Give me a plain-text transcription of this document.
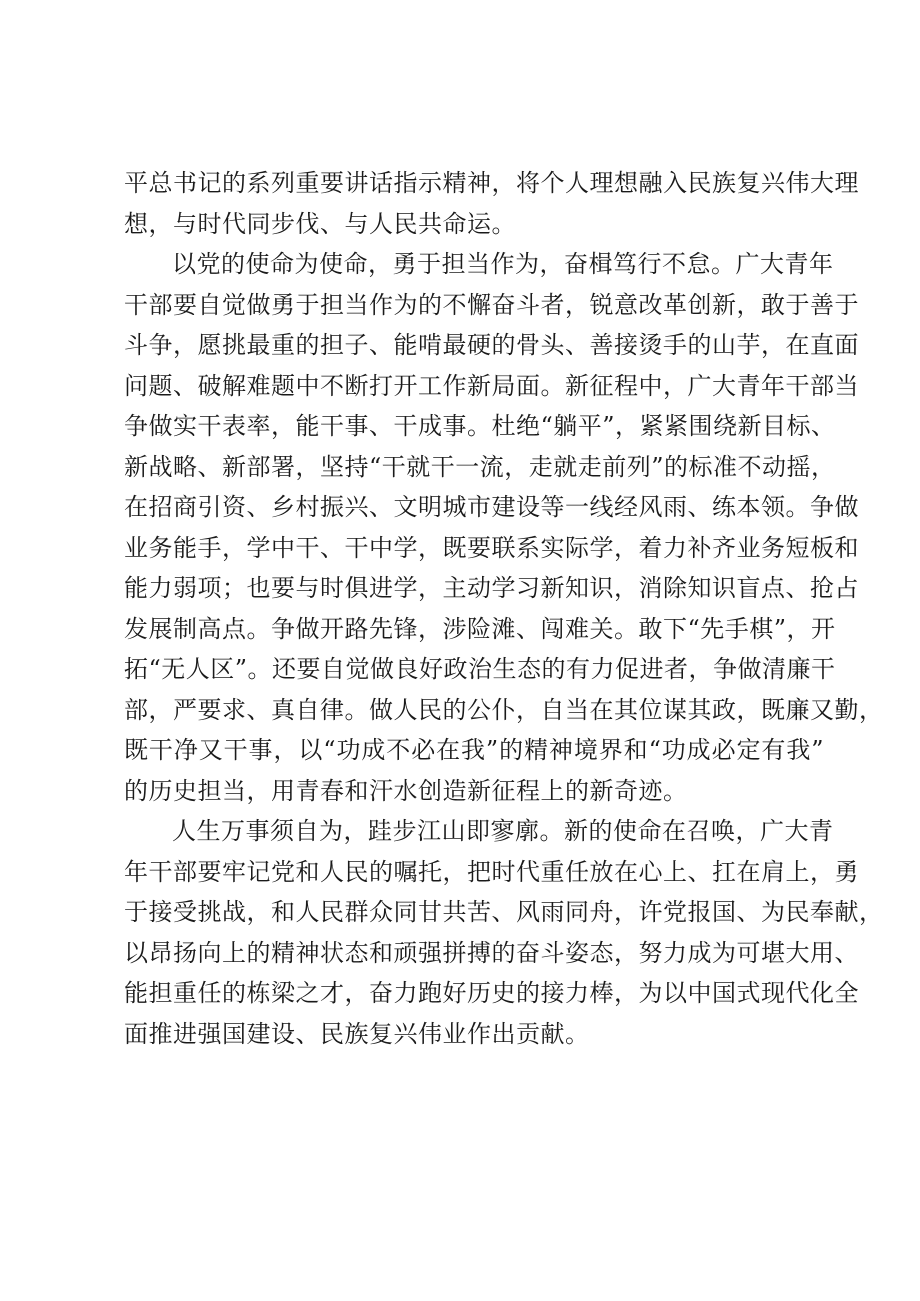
平总书记的系列重要讲话指示精神，将个人理想融入民族复兴伟大理
想，与时代同步伐、与人民共命运。
以党的使命为使命，勇于担当作为，奋楫笃行不怠。广大青年
干部要自觉做勇于担当作为的不懈奋斗者，锐意改革创新，敢于善于
斗争，愿挑最重的担子、能啃最硬的骨头、善接烫手的山芋，在直面
问题、破解难题中不断打开工作新局面。新征程中，广大青年干部当
争做实干表率，能干事、干成事。杜绝“躺平”，紧紧围绕新目标、
新战略、新部署，坚持“干就干一流，走就走前列”的标准不动摇，
在招商引资、乡村振兴、文明城市建设等一线经风雨、练本领。争做
业务能手，学中干、干中学，既要联系实际学，着力补齐业务短板和
能力弱项；也要与时俱进学，主动学习新知识，消除知识盲点、抢占
发展制高点。争做开路先锋，涉险滩、闯难关。敢下“先手棋”，开
拓“无人区”。还要自觉做良好政治生态的有力促进者，争做清廉干
部，严要求、真自律。做人民的公仆，自当在其位谋其政，既廉又勤，
既干净又干事，以“功成不必在我”的精神境界和“功成必定有我”
的历史担当，用青春和汗水创造新征程上的新奇迹。
人生万事须自为，跬步江山即寥廓。新的使命在召唤，广大青
年干部要牢记党和人民的嘱托，把时代重任放在心上、扛在肩上，勇
于接受挑战，和人民群众同甘共苦、风雨同舟，许党报国、为民奉献，
以昂扬向上的精神状态和顽强拼搏的奋斗姿态，努力成为可堪大用、
能担重任的栋梁之才，奋力跑好历史的接力棒，为以中国式现代化全
面推进强国建设、民族复兴伟业作出贡献。
